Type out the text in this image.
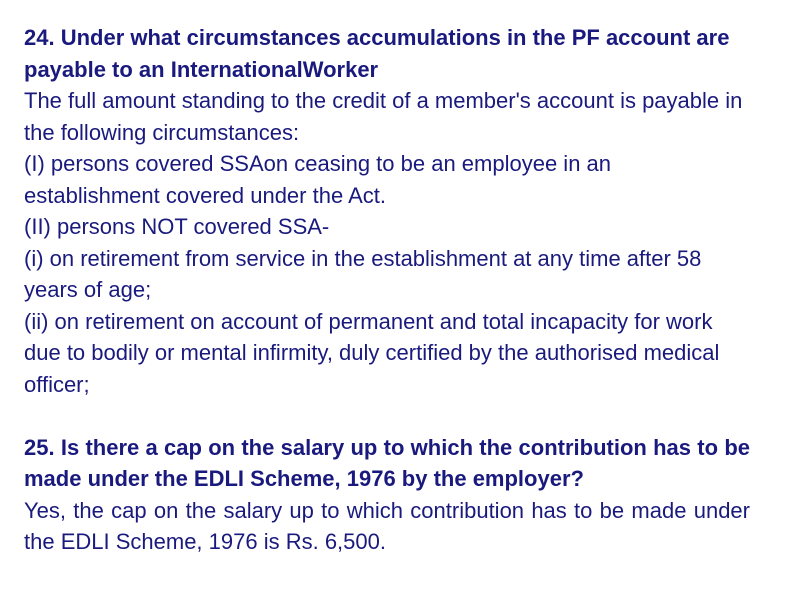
24. Under what circumstances accumulations in the PF account are payable to an InternationalWorker

The full amount standing to the credit of a member's account is payable in the following circumstances:

(I) persons covered SSAon ceasing to be an employee in an establishment covered under the Act.

(II) persons NOT covered SSA-

(i) on retirement from service in the establishment at any time after 58 years of age;

(ii) on retirement on account of permanent and total incapacity for work due to bodily or mental infirmity, duly certified by the authorised medical officer;

25. Is there a cap on the salary up to which the contribution has to be made under the EDLI Scheme, 1976 by the employer?

Yes, the cap on the salary up to which contribution has to be made under the EDLI Scheme, 1976 is Rs. 6,500.
